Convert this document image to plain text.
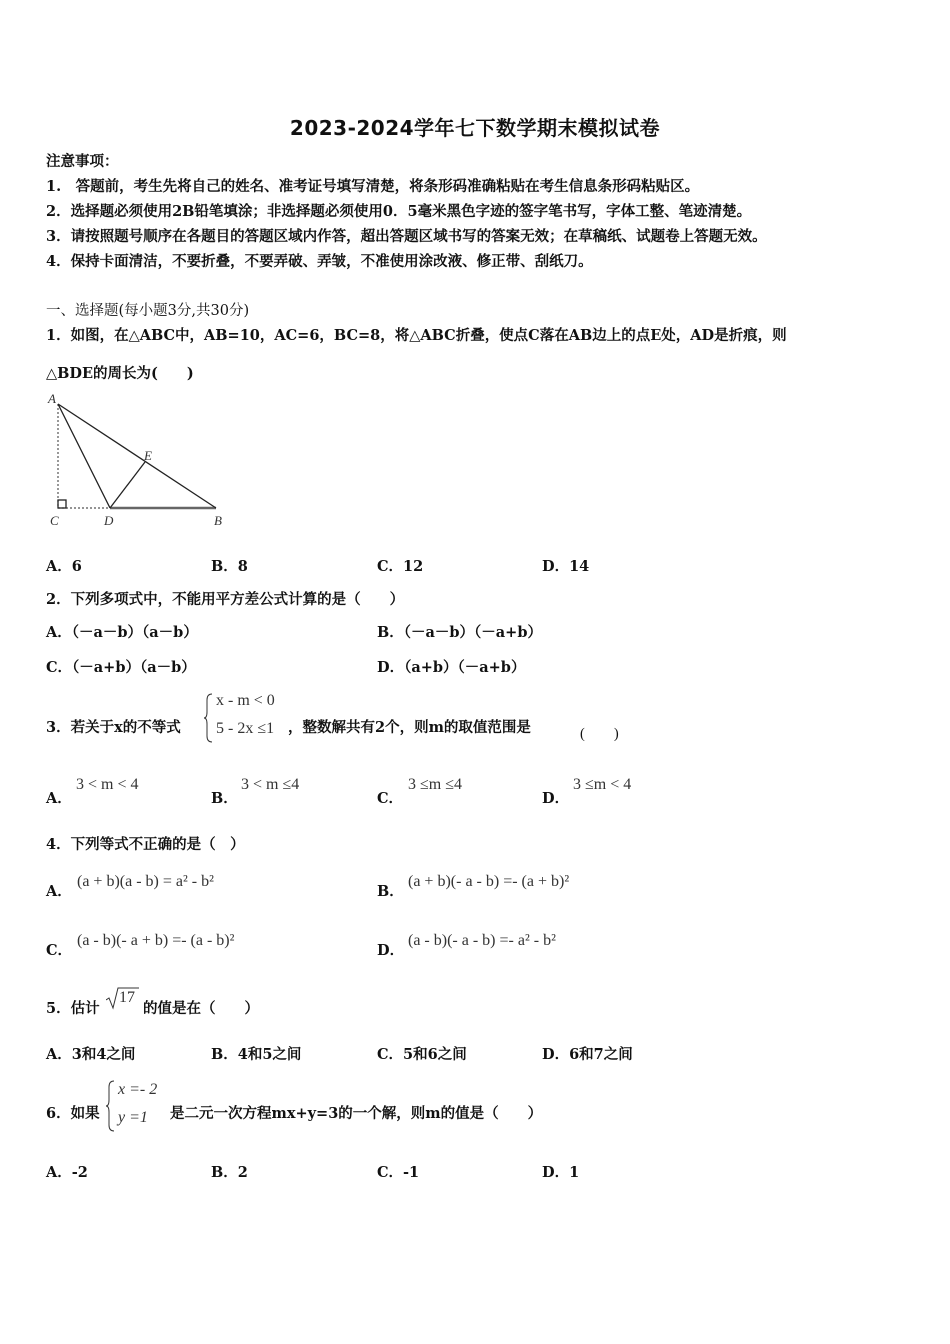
2023-2024学年七下数学期末模拟试卷
注意事项：
1.　答题前，考生先将自己的姓名、准考证号填写清楚，将条形码准确粘贴在考生信息条形码粘贴区。
2．选择题必须使用2B铅笔填涂；非选择题必须使用0．5毫米黑色字迹的签字笔书写，字体工整、笔迹清楚。
3．请按照题号顺序在各题目的答题区域内作答，超出答题区域书写的答案无效；在草稿纸、试题卷上答题无效。
4．保持卡面清洁，不要折叠，不要弄破、弄皱，不准使用涂改液、修正带、刮纸刀。
一、选择题(每小题3分,共30分)
1．如图，在△ABC中，AB=10，AC=6，BC=8，将△ABC折叠，使点C落在AB边上的点E处，AD是折痕，则
△BDE的周长为(　　)
A
C	D	B
E
A．6	B．8	C．12	D．14
2．下列多项式中，不能用平方差公式计算的是（　　）
A．（－a－b）（a－b）	B．（－a－b）（－a+b）
C．（－a+b）（a－b）	D．（a+b）（－a+b）
3．若关于x的不等式
x - m < 0
5 - 2x ≤1 ，整数解共有2个，则m的取值范围是	(　　)
A．
3 < m < 4
B．
3 < m ≤4
C．
3 ≤m ≤4
D．
3 ≤m < 4
4．下列等式不正确的是（　）
A．
(a + b)(a - b) = a² - b²
B．
(a + b)(- a - b) =- (a + b)²
C．
(a - b)(- a + b) =- (a - b)²
D．
(a - b)(- a - b) =- a² - b²
5．估计
17
的值是在（　　）
A．3和4之间	B．4和5之间	C．5和6之间	D．6和7之间
6．如果
x =- 2
y =1 是二元一次方程mx+y=3的一个解，则m的值是（　　）
A．-2	B．2	C．-1	D．1
